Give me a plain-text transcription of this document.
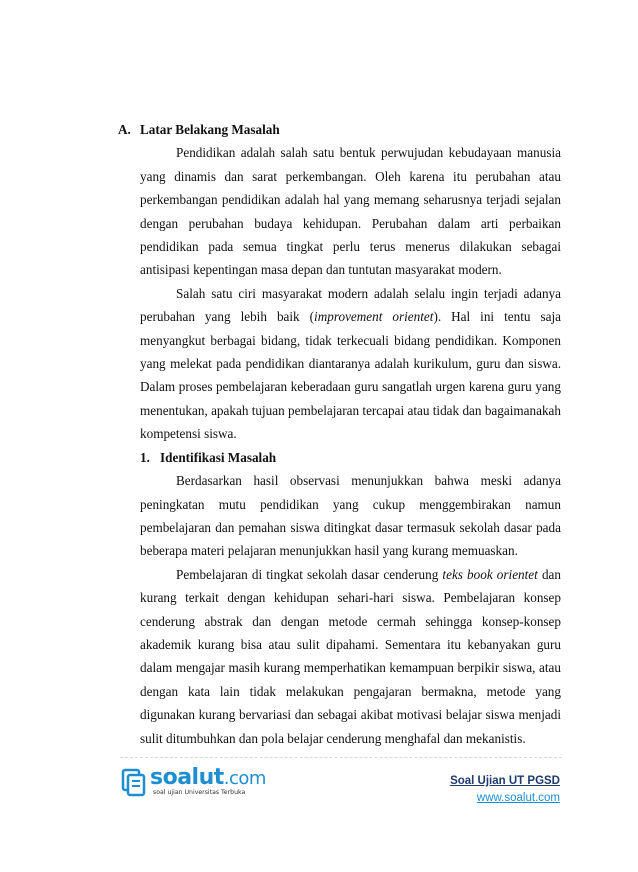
A. Latar Belakang Masalah

Pendidikan adalah salah satu bentuk perwujudan kebudayaan manusia yang dinamis dan sarat perkembangan. Oleh karena itu perubahan atau perkembangan pendidikan adalah hal yang memang seharusnya terjadi sejalan dengan perubahan budaya kehidupan. Perubahan dalam arti perbaikan pendidikan pada semua tingkat perlu terus menerus dilakukan sebagai antisipasi kepentingan masa depan dan tuntutan masyarakat modern.

Salah satu ciri masyarakat modern adalah selalu ingin terjadi adanya perubahan yang lebih baik (improvement orientet). Hal ini tentu saja menyangkut berbagai bidang, tidak terkecuali bidang pendidikan. Komponen yang melekat pada pendidikan diantaranya adalah kurikulum, guru dan siswa. Dalam proses pembelajaran keberadaan guru sangatlah urgen karena guru yang menentukan, apakah tujuan pembelajaran tercapai atau tidak dan bagaimanakah kompetensi siswa.

1. Identifikasi Masalah

Berdasarkan hasil observasi menunjukkan bahwa meski adanya peningkatan mutu pendidikan yang cukup menggembirakan namun pembelajaran dan pemahan siswa ditingkat dasar termasuk sekolah dasar pada beberapa materi pelajaran menunjukkan hasil yang kurang memuaskan.

Pembelajaran di tingkat sekolah dasar cenderung teks book orientet dan kurang terkait dengan kehidupan sehari-hari siswa. Pembelajaran konsep cenderung abstrak dan dengan metode cermah sehingga konsep-konsep akademik kurang bisa atau sulit dipahami. Sementara itu kebanyakan guru dalam mengajar masih kurang memperhatikan kemampuan berpikir siswa, atau dengan kata lain tidak melakukan pengajaran bermakna, metode yang digunakan kurang bervariasi dan sebagai akibat motivasi belajar siswa menjadi sulit ditumbuhkan dan pola belajar cenderung menghafal dan mekanistis.

soalut.com
soal ujian Universitas Terbuka
Soal Ujian UT PGSD
www.soalut.com
